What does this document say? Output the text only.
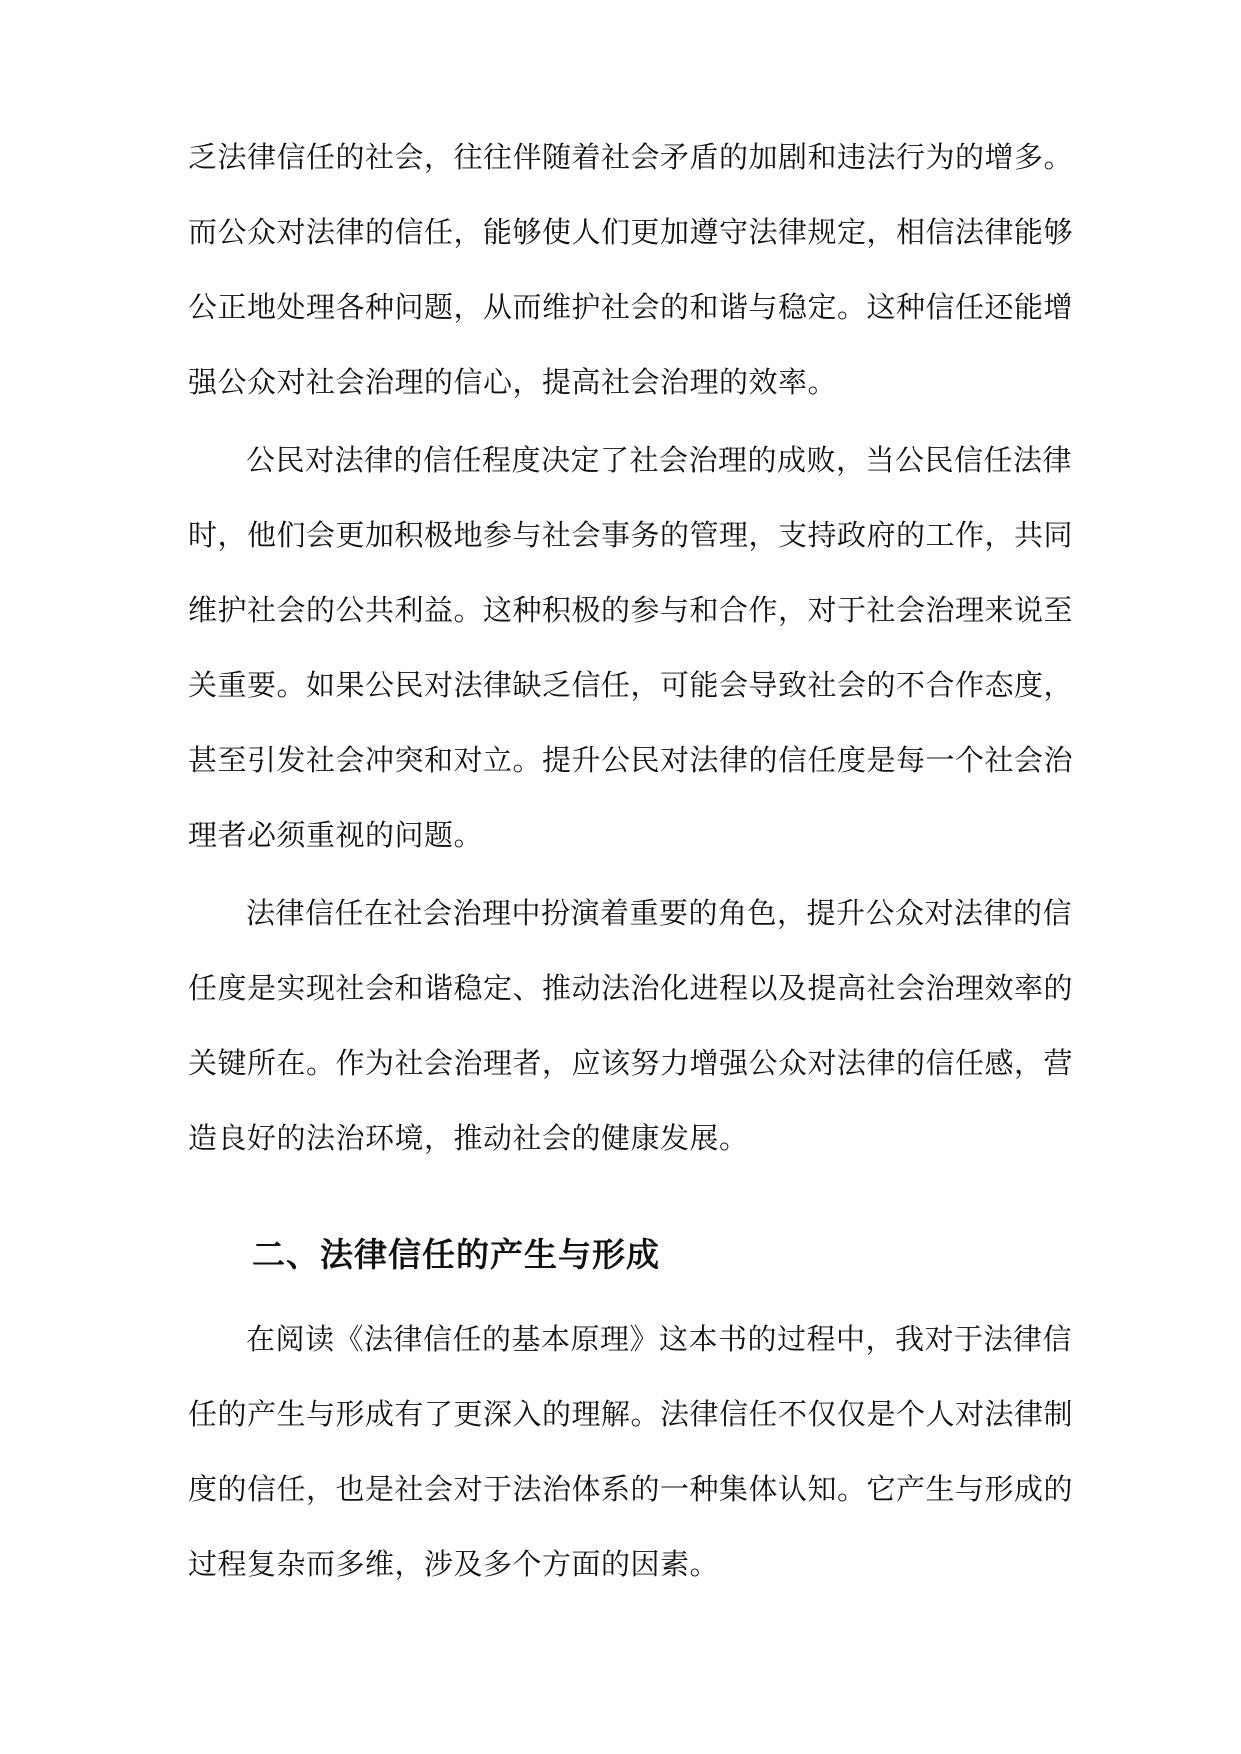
乏法律信任的社会，往往伴随着社会矛盾的加剧和违法行为的增多。
而公众对法律的信任，能够使人们更加遵守法律规定，相信法律能够
公正地处理各种问题，从而维护社会的和谐与稳定。这种信任还能增
强公众对社会治理的信心，提高社会治理的效率。
公民对法律的信任程度决定了社会治理的成败，当公民信任法律
时，他们会更加积极地参与社会事务的管理，支持政府的工作，共同
维护社会的公共利益。这种积极的参与和合作，对于社会治理来说至
关重要。如果公民对法律缺乏信任，可能会导致社会的不合作态度，
甚至引发社会冲突和对立。提升公民对法律的信任度是每一个社会治
理者必须重视的问题。
法律信任在社会治理中扮演着重要的角色，提升公众对法律的信
任度是实现社会和谐稳定、推动法治化进程以及提高社会治理效率的
关键所在。作为社会治理者，应该努力增强公众对法律的信任感，营
造良好的法治环境，推动社会的健康发展。
二、法律信任的产生与形成
在阅读《法律信任的基本原理》这本书的过程中，我对于法律信
任的产生与形成有了更深入的理解。法律信任不仅仅是个人对法律制
度的信任，也是社会对于法治体系的一种集体认知。它产生与形成的
过程复杂而多维，涉及多个方面的因素。
